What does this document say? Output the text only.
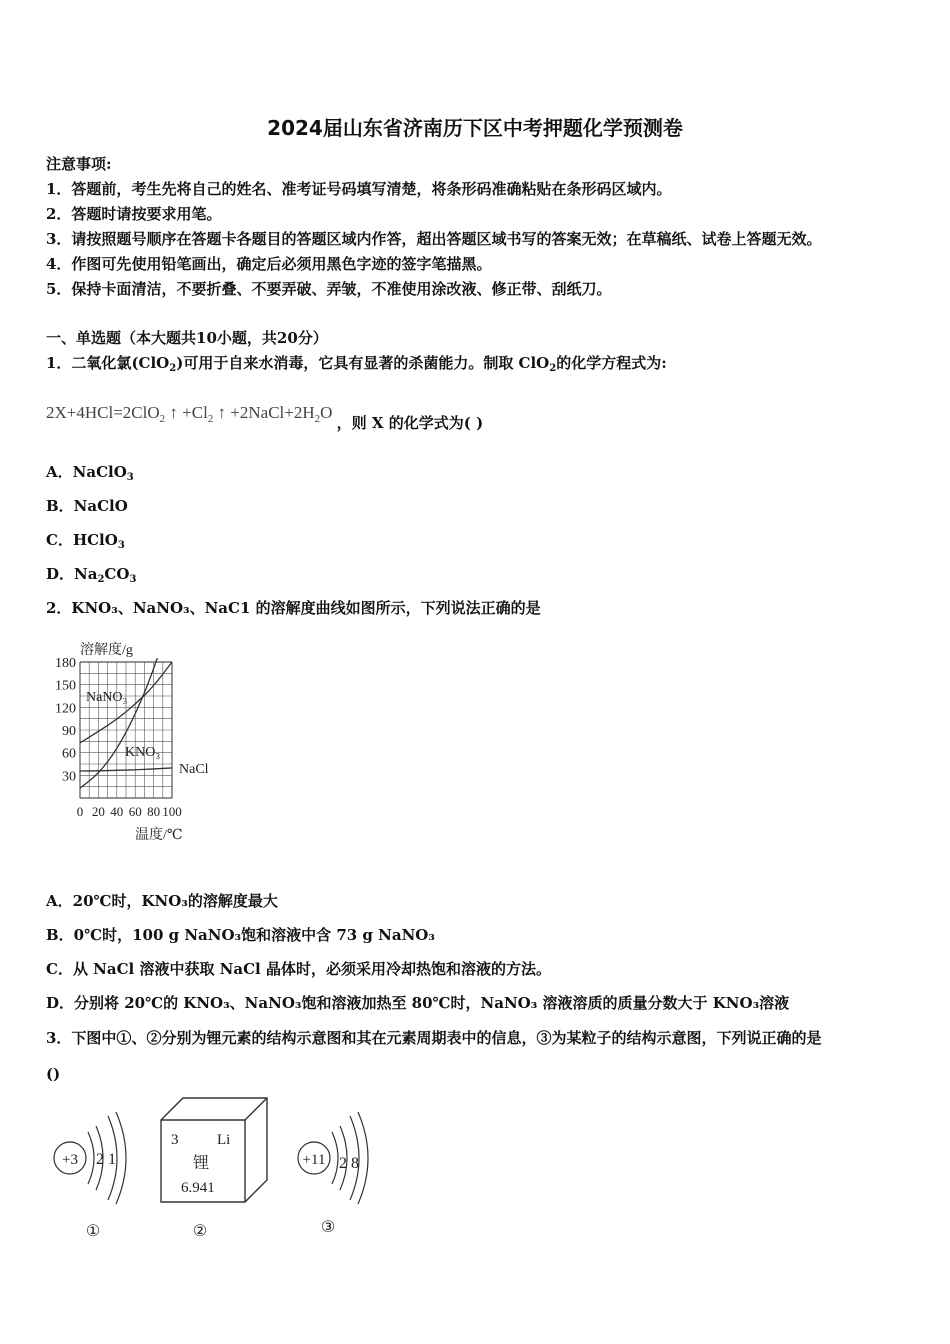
2024届山东省济南历下区中考押题化学预测卷
注意事项:
1．答题前，考生先将自己的姓名、准考证号码填写清楚，将条形码准确粘贴在条形码区域内。
2．答题时请按要求用笔。
3．请按照题号顺序在答题卡各题目的答题区域内作答，超出答题区域书写的答案无效；在草稿纸、试卷上答题无效。
4．作图可先使用铅笔画出，确定后必须用黑色字迹的签字笔描黑。
5．保持卡面清洁，不要折叠、不要弄破、弄皱，不准使用涂改液、修正带、刮纸刀。
一、单选题（本大题共10小题，共20分）
1．二氧化氯(ClO$_2$)可用于自来水消毒，它具有显著的杀菌能力。制取 ClO$_2$的化学方程式为:
2X+4HCl=2ClO$_2$ ↑ $+Cl_2$ ↑ $+2NaCl+2H_2O$ ，则 X 的化学式为( )
A．NaClO$_3$
B．NaClO
C．HClO$_3$
D．$Na_2CO_3$
2．KNO₃、NaNO₃、NaC1 的溶解度曲线如图所示，下列说法正确的是
30
60
90
120
150
180
0 20 40 60 80 100
溶解度/g
温度/℃
NaNO₃
KNO₃
NaCl
A．20℃时，KNO₃的溶解度最大
B．0℃时，100 g NaNO₃饱和溶液中含 73 g NaNO₃
C．从 NaCl 溶液中获取 NaCl 晶体时，必须采用冷却热饱和溶液的方法。
D．分别将 20℃的 KNO₃、NaNO₃饱和溶液加热至 80℃时，NaNO₃ 溶液溶质的质量分数大于 KNO₃溶液
3．下图中①、②分别为锂元素的结构示意图和其在元素周期表中的信息，③为某粒子的结构示意图，下列说正确的是
()
+3 2 1
①
3	Li
锂
6.941
②
+11 2 8
③
